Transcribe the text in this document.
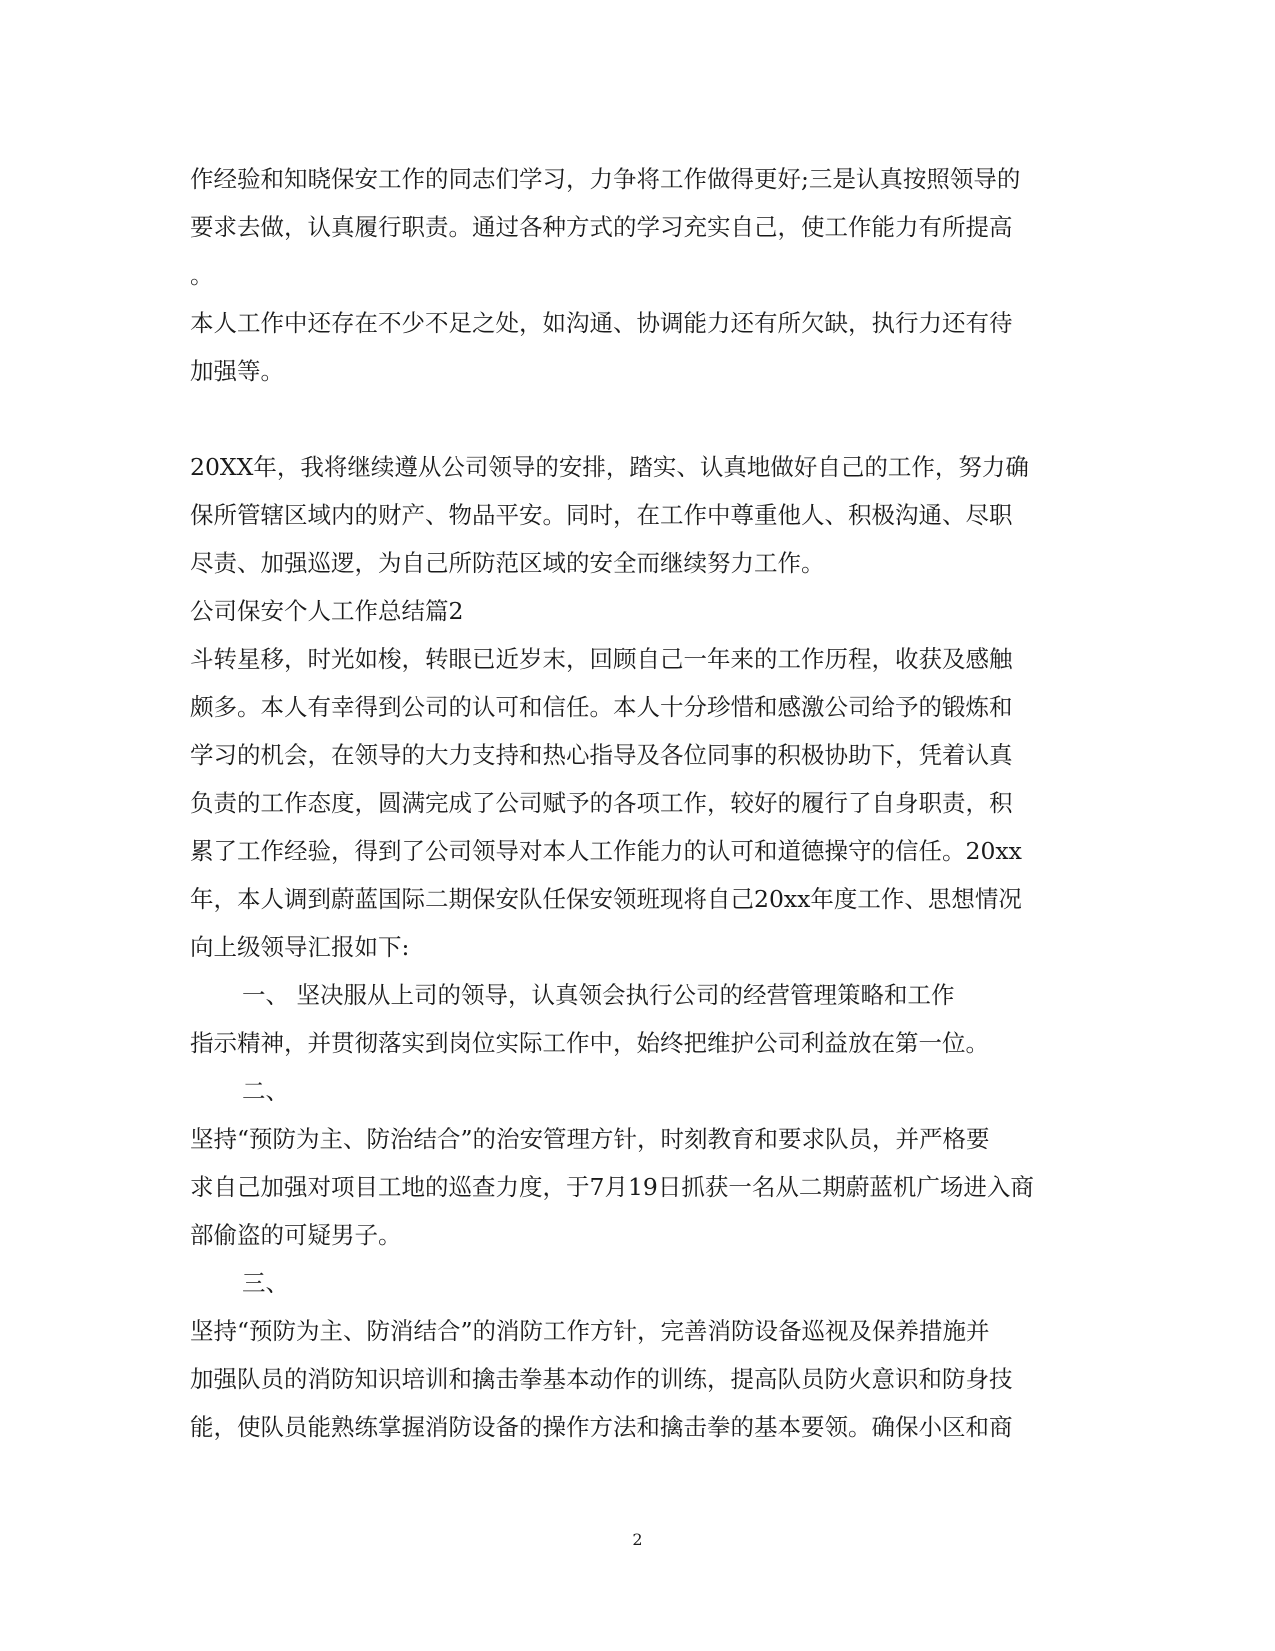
作经验和知晓保安工作的同志们学习，力争将工作做得更好;三是认真按照领导的
要求去做，认真履行职责。通过各种方式的学习充实自己，使工作能力有所提高
。
本人工作中还存在不少不足之处，如沟通、协调能力还有所欠缺，执行力还有待
加强等。
20XX年，我将继续遵从公司领导的安排，踏实、认真地做好自己的工作，努力确
保所管辖区域内的财产、物品平安。同时，在工作中尊重他人、积极沟通、尽职
尽责、加强巡逻，为自己所防范区域的安全而继续努力工作。
公司保安个人工作总结篇2
斗转星移，时光如梭，转眼已近岁末，回顾自己一年来的工作历程，收获及感触
颇多。本人有幸得到公司的认可和信任。本人十分珍惜和感激公司给予的锻炼和
学习的机会，在领导的大力支持和热心指导及各位同事的积极协助下，凭着认真
负责的工作态度，圆满完成了公司赋予的各项工作，较好的履行了自身职责，积
累了工作经验，得到了公司领导对本人工作能力的认可和道德操守的信任。20xx
年，本人调到蔚蓝国际二期保安队任保安领班现将自己20xx年度工作、思想情况
向上级领导汇报如下:
一、 坚决服从上司的领导，认真领会执行公司的经营管理策略和工作
指示精神，并贯彻落实到岗位实际工作中，始终把维护公司利益放在第一位。
二、
坚持“预防为主、防治结合”的治安管理方针，时刻教育和要求队员，并严格要
求自己加强对项目工地的巡查力度，于7月19日抓获一名从二期蔚蓝机广场进入商
部偷盗的可疑男子。
三、
坚持“预防为主、防消结合”的消防工作方针，完善消防设备巡视及保养措施并
加强队员的消防知识培训和擒击拳基本动作的训练，提高队员防火意识和防身技
能，使队员能熟练掌握消防设备的操作方法和擒击拳的基本要领。确保小区和商
2
